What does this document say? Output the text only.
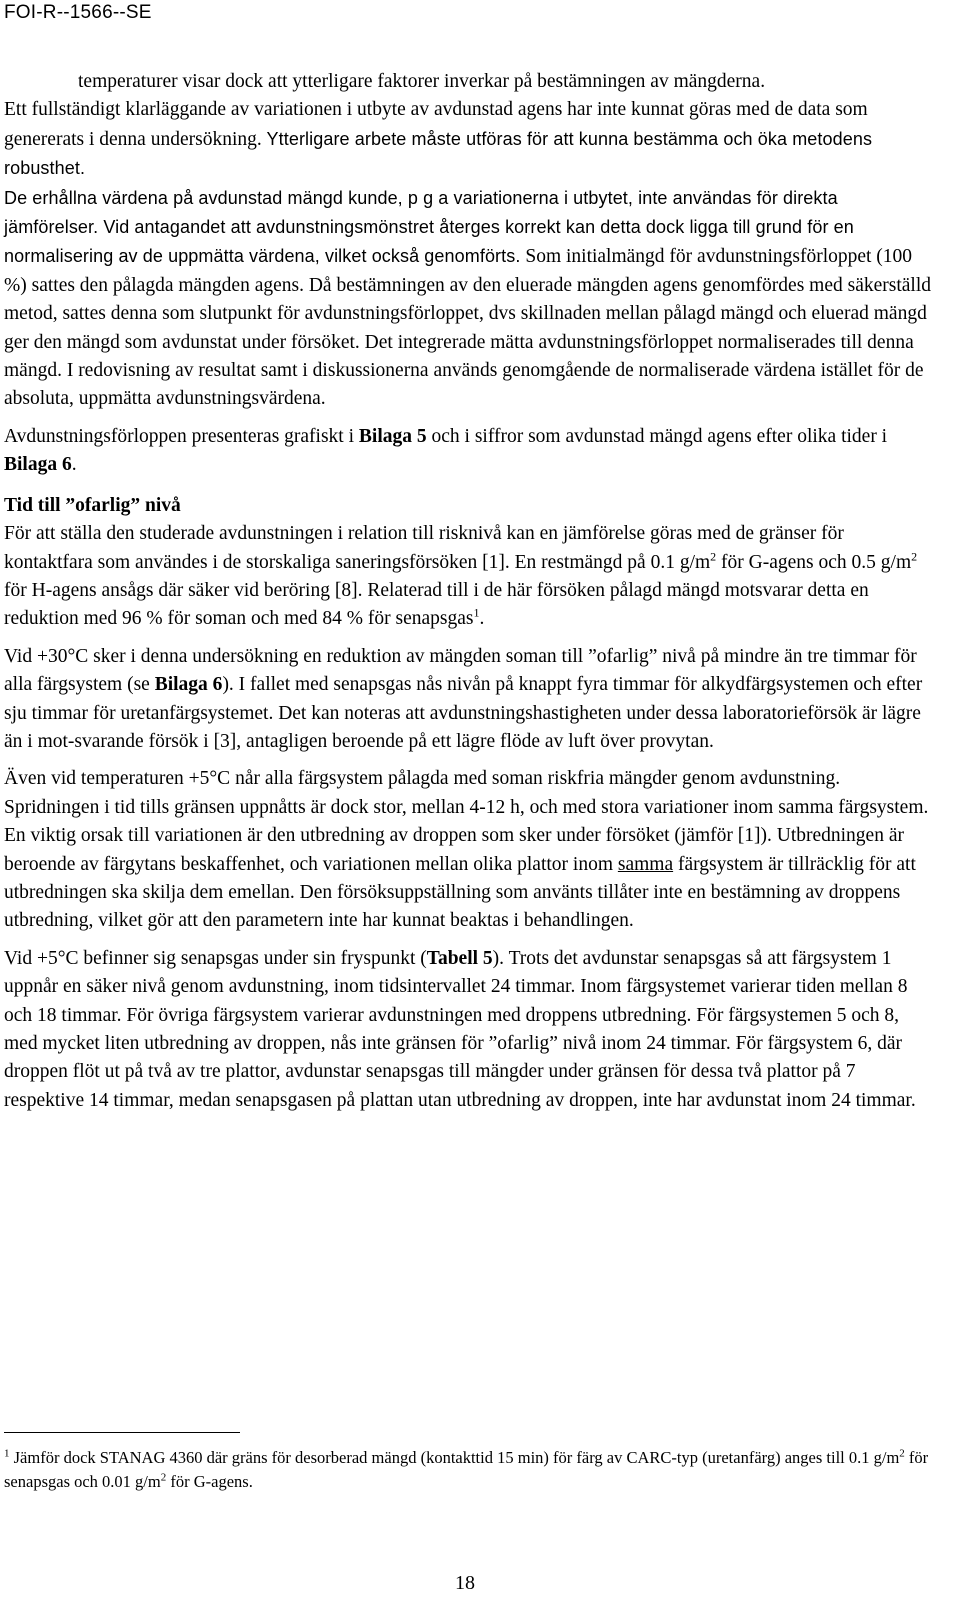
FOI-R--1566--SE

temperaturer visar dock att ytterligare faktorer inverkar på bestämningen av mängderna.

Ett fullständigt klarläggande av variationen i utbyte av avdunstad agens har inte kunnat göras med de data som genererats i denna undersökning. Ytterligare arbete måste utföras för att kunna bestämma och öka metodens robusthet.

De erhållna värdena på avdunstad mängd kunde, p g a variationerna i utbytet, inte användas för direkta jämförelser. Vid antagandet att avdunstningsmönstret återges korrekt kan detta dock ligga till grund för en normalisering av de uppmätta värdena, vilket också genomförts. Som initialmängd för avdunstningsförloppet (100 %) sattes den pålagda mängden agens. Då bestämningen av den eluerade mängden agens genomfördes med säkerställd metod, sattes denna som slutpunkt för avdunstningsförloppet, dvs skillnaden mellan pålagd mängd och eluerad mängd ger den mängd som avdunstat under försöket. Det integrerade mätta avdunstningsförloppet normaliserades till denna mängd. I redovisning av resultat samt i diskussionerna används genomgående de normaliserade värdena istället för de absoluta, uppmätta avdunstningsvärdena.

Avdunstningsförloppen presenteras grafiskt i Bilaga 5 och i siffror som avdunstad mängd agens efter olika tider i Bilaga 6.

Tid till ”ofarlig” nivå

För att ställa den studerade avdunstningen i relation till risknivå kan en jämförelse göras med de gränser för kontaktfara som användes i de storskaliga saneringsförsöken [1]. En restmängd på 0.1 $g/m^2$ för G-agens och 0.5 $g/m^2$ för H-agens ansågs där säker vid beröring [8]. Relaterad till i de här försöken pålagd mängd motsvarar detta en reduktion med 96 % för soman och med 84 % för senapsgas$^1$.

Vid +30°C sker i denna undersökning en reduktion av mängden soman till ”ofarlig” nivå på mindre än tre timmar för alla färgsystem (se Bilaga 6). I fallet med senapsgas nås nivån på knappt fyra timmar för alkydfärgsystemen och efter sju timmar för uretanfärgsystemet. Det kan noteras att avdunstningshastigheten under dessa laboratorieförsök är lägre än i mot-svarande försök i [3], antagligen beroende på ett lägre flöde av luft över provytan.

Även vid temperaturen +5°C når alla färgsystem pålagda med soman riskfria mängder genom avdunstning. Spridningen i tid tills gränsen uppnåtts är dock stor, mellan 4-12 h, och med stora variationer inom samma färgsystem. En viktig orsak till variationen är den utbredning av droppen som sker under försöket (jämför [1]). Utbredningen är beroende av färgytans beskaffenhet, och variationen mellan olika plattor inom samma färgsystem är tillräcklig för att utbredningen ska skilja dem emellan. Den försöksuppställning som använts tillåter inte en bestämning av droppens utbredning, vilket gör att den parametern inte har kunnat beaktas i behandlingen.

Vid +5°C befinner sig senapsgas under sin fryspunkt (Tabell 5). Trots det avdunstar senapsgas så att färgsystem 1 uppnår en säker nivå genom avdunstning, inom tidsintervallet 24 timmar. Inom färgsystemet varierar tiden mellan 8 och 18 timmar. För övriga färgsystem varierar avdunstningen med droppens utbredning. För färgsystemen 5 och 8, med mycket liten utbredning av droppen, nås inte gränsen för ”ofarlig” nivå inom 24 timmar. För färgsystem 6, där droppen flöt ut på två av tre plattor, avdunstar senapsgas till mängder under gränsen för dessa två plattor på 7 respektive 14 timmar, medan senapsgasen på plattan utan utbredning av droppen, inte har avdunstat inom 24 timmar.

$^1$ Jämför dock STANAG 4360 där gräns för desorberad mängd (kontakttid 15 min) för färg av CARC-typ (uretanfärg) anges till 0.1 $g/m^2$ för senapsgas och 0.01 $g/m^2$ för G-agens.
18
